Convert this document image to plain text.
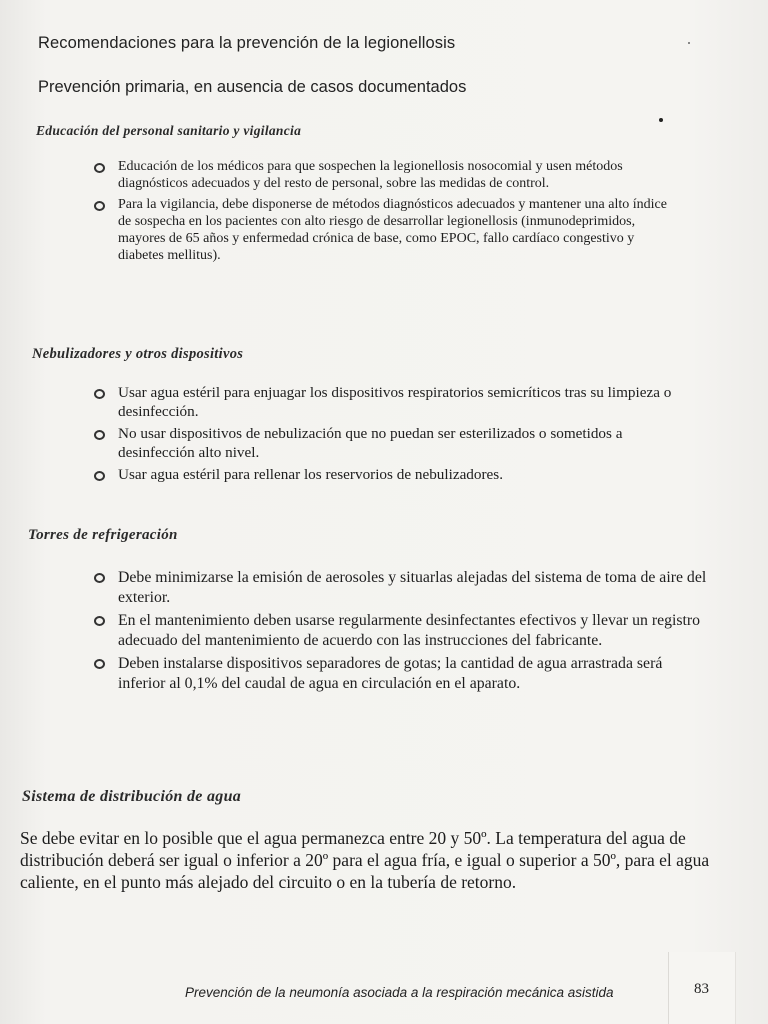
Recomendaciones para la prevención de la legionellosis
Prevención primaria, en ausencia de casos documentados
Educación del personal sanitario y vigilancia
Educación de los médicos para que sospechen la legionellosis nosocomial y usen métodos diagnósticos adecuados y del resto de personal, sobre las medidas de control.
Para la vigilancia, debe disponerse de métodos diagnósticos adecuados y mantener una alto índice de sospecha en los pacientes con alto riesgo de desarrollar legionellosis (inmunodeprimidos, mayores de 65 años y enfermedad crónica de base, como EPOC, fallo cardíaco congestivo y diabetes mellitus).
Nebulizadores y otros dispositivos
Usar agua estéril para enjuagar los dispositivos respiratorios semicríticos tras su limpieza o desinfección.
No usar dispositivos de nebulización que no puedan ser esterilizados o sometidos a desinfección alto nivel.
Usar agua estéril para rellenar los reservorios de nebulizadores.
Torres de refrigeración
Debe minimizarse la emisión de aerosoles y situarlas alejadas del sistema de toma de aire del exterior.
En el mantenimiento deben usarse regularmente desinfectantes efectivos y llevar un registro adecuado del mantenimiento de acuerdo con las instrucciones del fabricante.
Deben instalarse dispositivos separadores de gotas; la cantidad de agua arrastrada será inferior al 0,1% del caudal de agua en circulación en el aparato.
Sistema de distribución de agua
Se debe evitar en lo posible que el agua permanezca entre 20 y 50º. La temperatura del agua de distribución deberá ser igual o inferior a 20º para el agua fría, e igual o superior a 50º, para el agua caliente, en el punto más alejado del circuito o en la tubería de retorno.
Prevención de la neumonía asociada a la respiración mecánica asistida	83
